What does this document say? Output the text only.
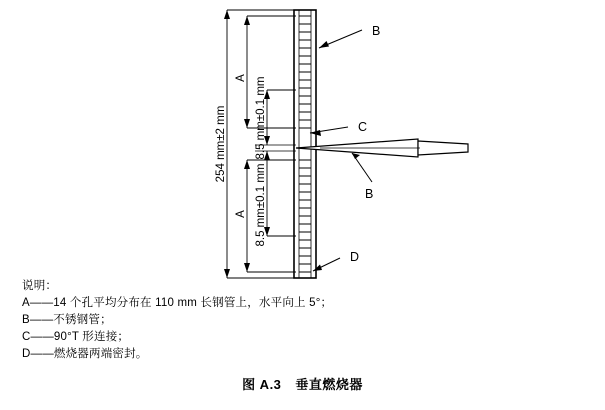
254 mm±2 mm
A 8.5 mm±0.1 mm
8.5 mm±0.1 mm
A
B
C
B
D
说明：
A——14 个孔平均分布在 110 mm 长钢管上，水平向上 5°；
B——不锈钢管；
C——90°T 形连接；
D——燃烧器两端密封。
图 A.3 垂直燃烧器
